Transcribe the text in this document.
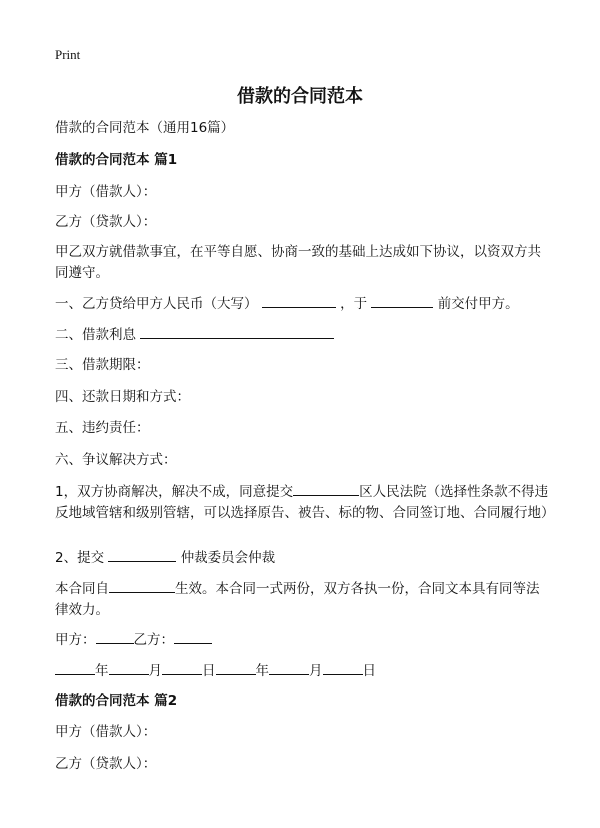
Print
借款的合同范本
借款的合同范本（通用16篇）
借款的合同范本 篇1
甲方（借款人）：
乙方（贷款人）：
甲乙双方就借款事宜，在平等自愿、协商一致的基础上达成如下协议，以资双方共同遵守。
一、乙方贷给甲方人民币（大写）	，于	前交付甲方。
二、借款利息
三、借款期限：
四、还款日期和方式：
五、违约责任：
六、争议解决方式：
1，双方协商解决，解决不成，同意提交	区人民法院（选择性条款不得违反地域管辖和级别管辖，可以选择原告、被告、标的物、合同签订地、合同履行地）
2、提交	仲裁委员会仲裁
本合同自	生效。本合同一式两份，双方各执一份，合同文本具有同等法律效力。
甲方：	乙方：
年	月	日	年	月	日
借款的合同范本 篇2
甲方（借款人）：
乙方（贷款人）：
